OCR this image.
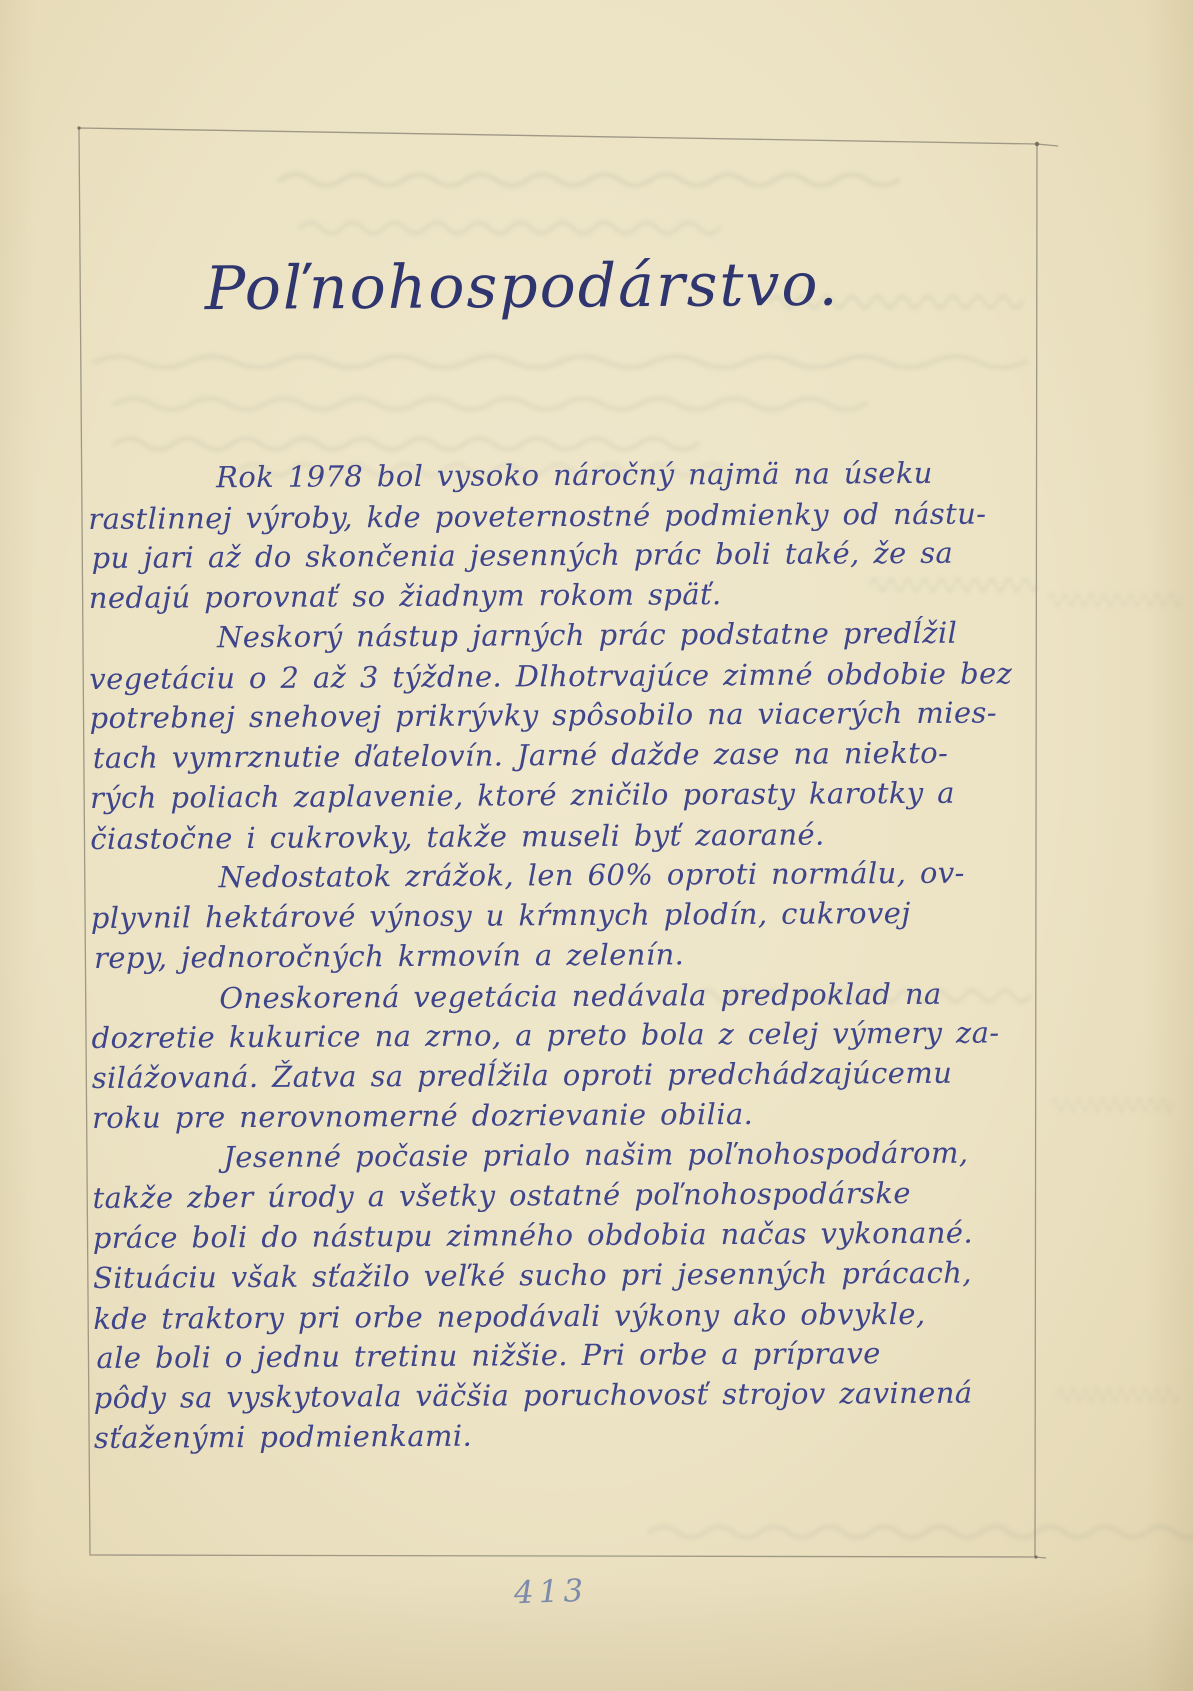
Poľnohospodárstvo.
Rok 1978 bol vysoko náročný najmä na úseku
rastlinnej výroby, kde poveternostné podmienky od nástu-
pu jari až do skončenia jesenných prác boli také, že sa
nedajú porovnať so žiadnym rokom späť.
Neskorý nástup jarných prác podstatne predĺžil
vegetáciu o 2 až 3 týždne. Dlhotrvajúce zimné obdobie bez
potrebnej snehovej prikrývky spôsobilo na viacerých mies-
tach vymrznutie ďatelovín. Jarné dažde zase na niekto-
rých poliach zaplavenie, ktoré zničilo porasty karotky a
čiastočne i cukrovky, takže museli byť zaorané.
Nedostatok zrážok, len 60% oproti normálu, ov-
plyvnil hektárové výnosy u kŕmnych plodín, cukrovej
repy, jednoročných krmovín a zelenín.
Oneskorená vegetácia nedávala predpoklad na
dozretie kukurice na zrno, a preto bola z celej výmery za-
silážovaná. Žatva sa predĺžila oproti predchádzajúcemu
roku pre nerovnomerné dozrievanie obilia.
Jesenné počasie prialo našim poľnohospodárom,
takže zber úrody a všetky ostatné poľnohospodárske
práce boli do nástupu zimného obdobia načas vykonané.
Situáciu však sťažilo veľké sucho pri jesenných prácach,
kde traktory pri orbe nepodávali výkony ako obvykle,
ale boli o jednu tretinu nižšie. Pri orbe a príprave
pôdy sa vyskytovala väčšia poruchovosť strojov zavinená
sťaženými podmienkami.
413
